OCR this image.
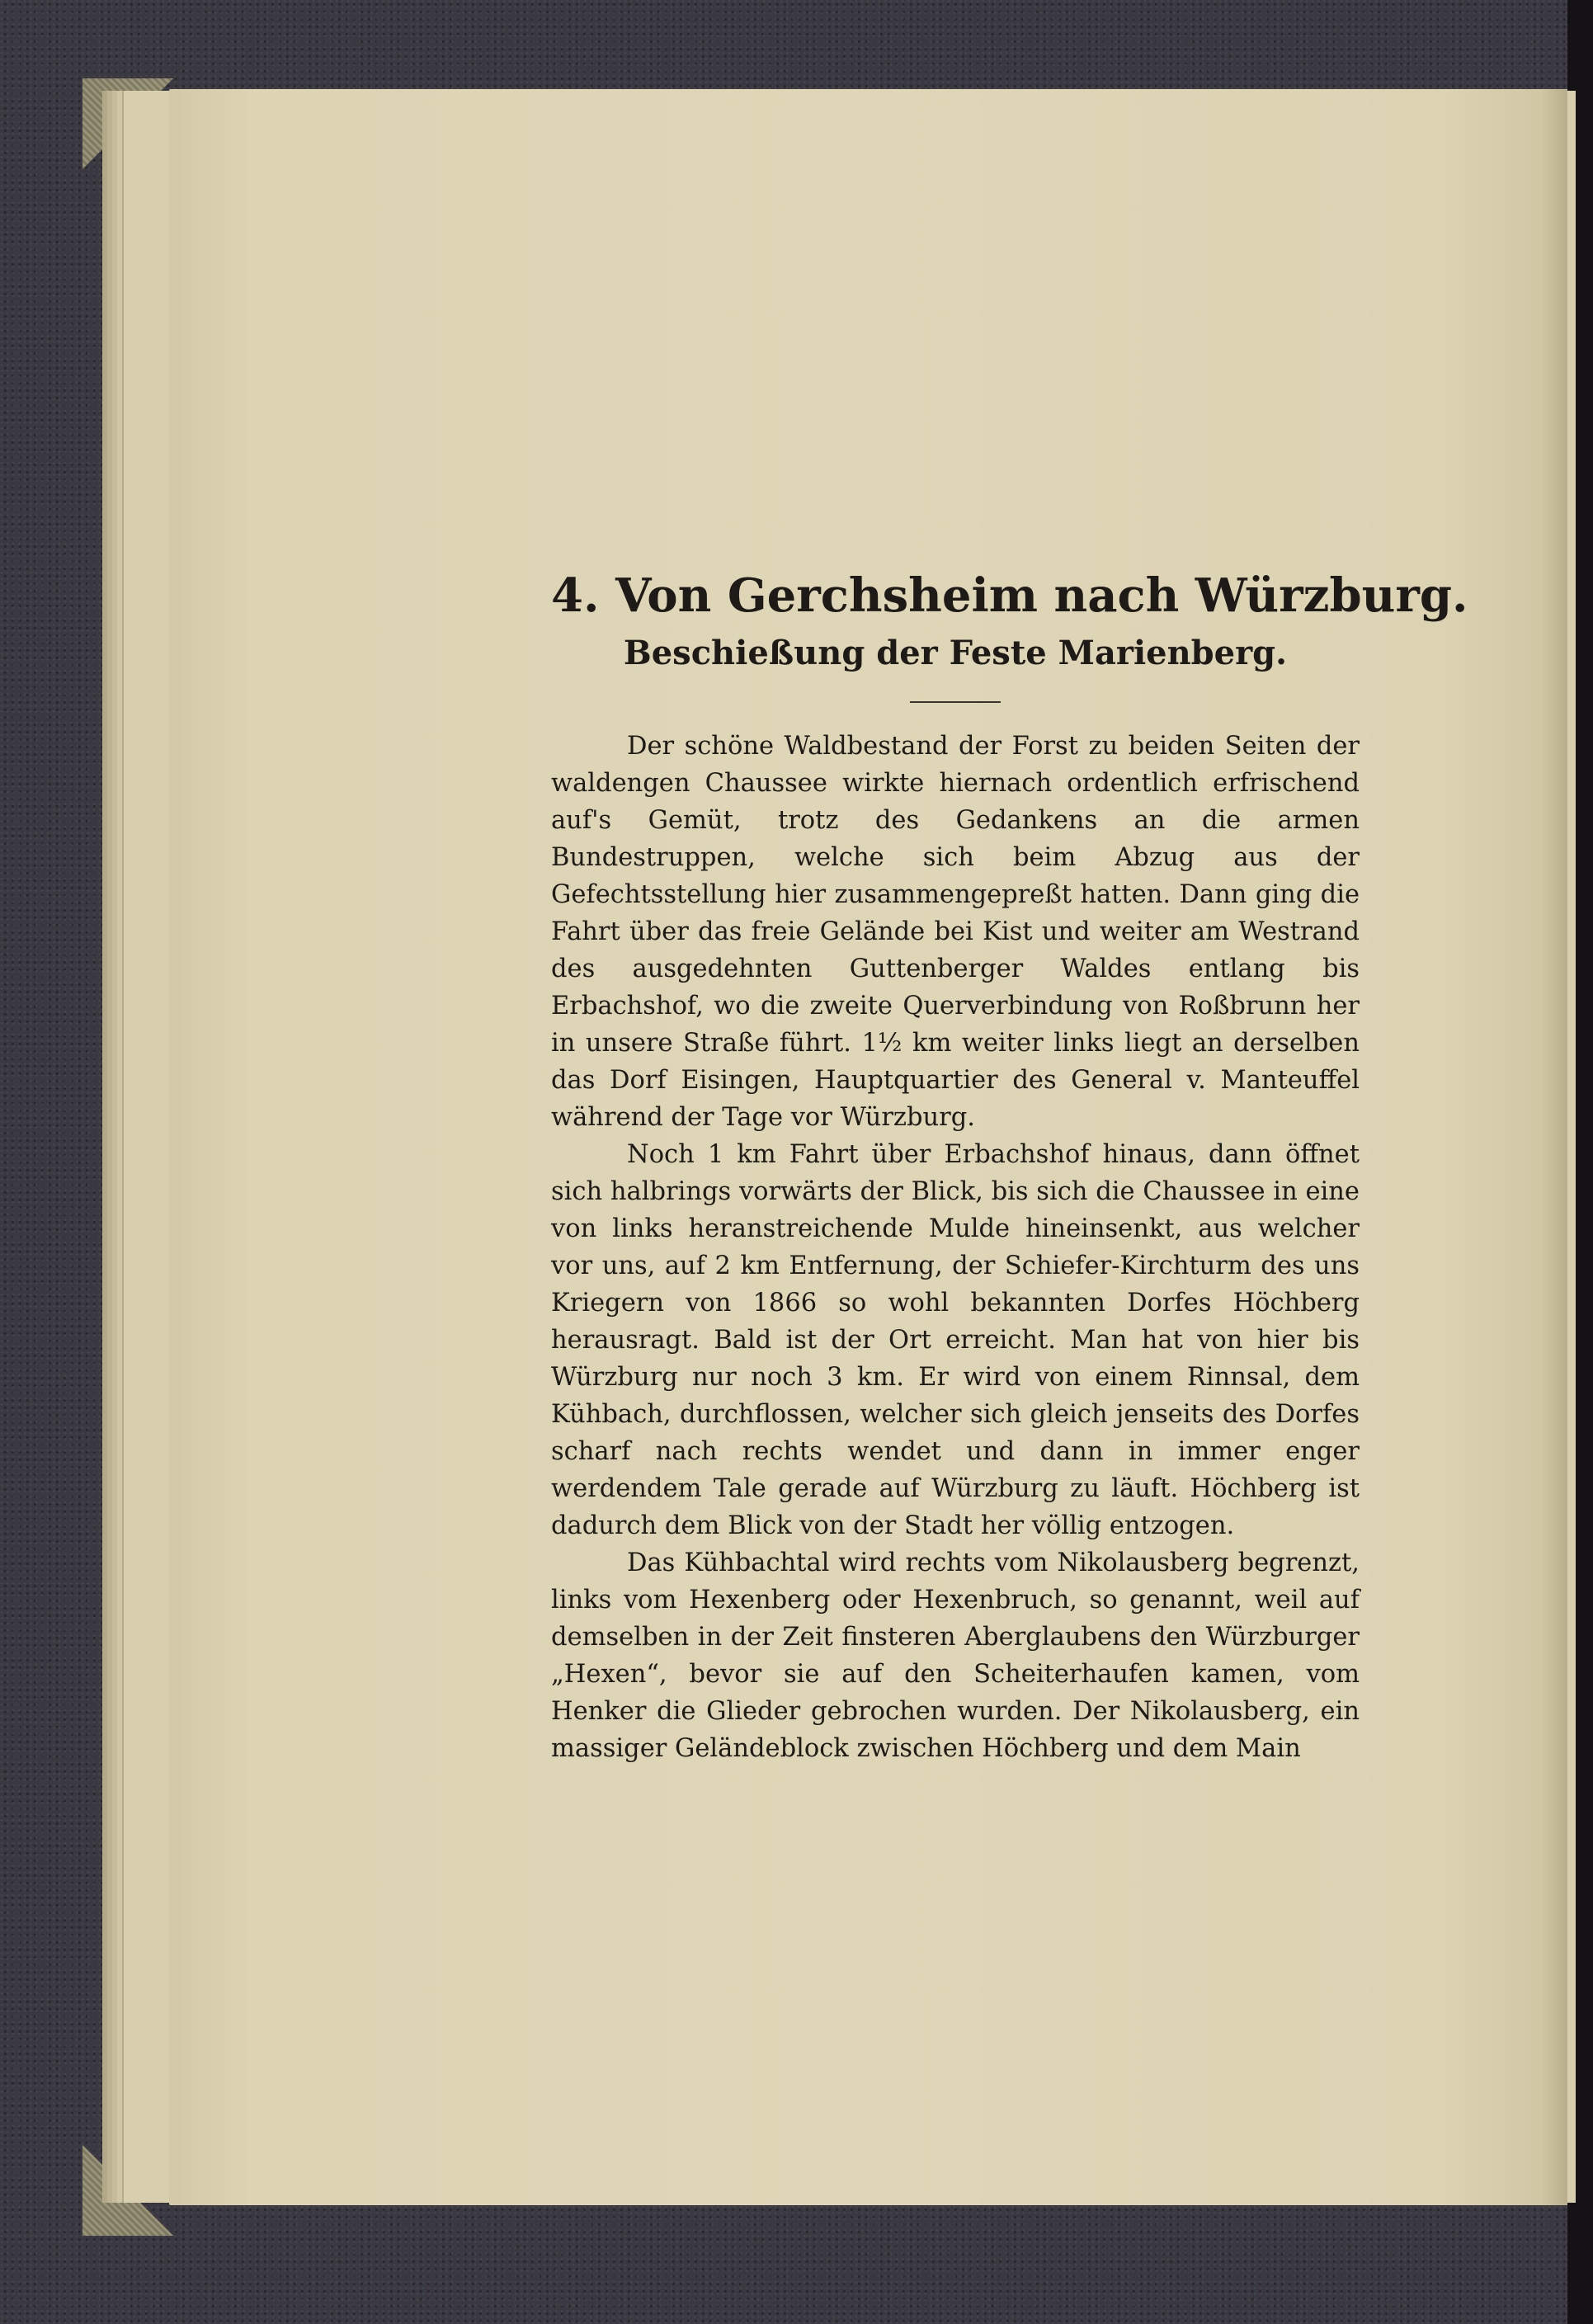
4. Von Gerchsheim nach Würzburg.
Beschießung der Feste Marienberg.

Der schöne Waldbestand der Forst zu beiden Seiten der waldengen Chaussee wirkte hiernach ordentlich erfrischend auf's Gemüt, trotz des Gedankens an die armen Bundestruppen, welche sich beim Abzug aus der Gefechtsstellung hier zusammengepreßt hatten. Dann ging die Fahrt über das freie Gelände bei Kist und weiter am Westrand des ausgedehnten Guttenberger Waldes entlang bis Erbachshof, wo die zweite Querverbindung von Roßbrunn her in unsere Straße führt. 1½ km weiter links liegt an derselben das Dorf Eisingen, Hauptquartier des General v. Manteuffel während der Tage vor Würzburg.

Noch 1 km Fahrt über Erbachshof hinaus, dann öffnet sich halbrings vorwärts der Blick, bis sich die Chaussee in eine von links heranstreichende Mulde hineinsenkt, aus welcher vor uns, auf 2 km Entfernung, der Schiefer-Kirchturm des uns Kriegern von 1866 so wohl bekannten Dorfes Höchberg herausragt. Bald ist der Ort erreicht. Man hat von hier bis Würzburg nur noch 3 km. Er wird von einem Rinnsal, dem Kühbach, durchflossen, welcher sich gleich jenseits des Dorfes scharf nach rechts wendet und dann in immer enger werdendem Tale gerade auf Würzburg zu läuft. Höchberg ist dadurch dem Blick von der Stadt her völlig entzogen.

Das Kühbachtal wird rechts vom Nikolausberg begrenzt, links vom Hexenberg oder Hexenbruch, so genannt, weil auf demselben in der Zeit finsteren Aberglaubens den Würzburger „Hexen“, bevor sie auf den Scheiterhaufen kamen, vom Henker die Glieder gebrochen wurden. Der Nikolausberg, ein massiger Geländeblock zwischen Höchberg und dem Main
